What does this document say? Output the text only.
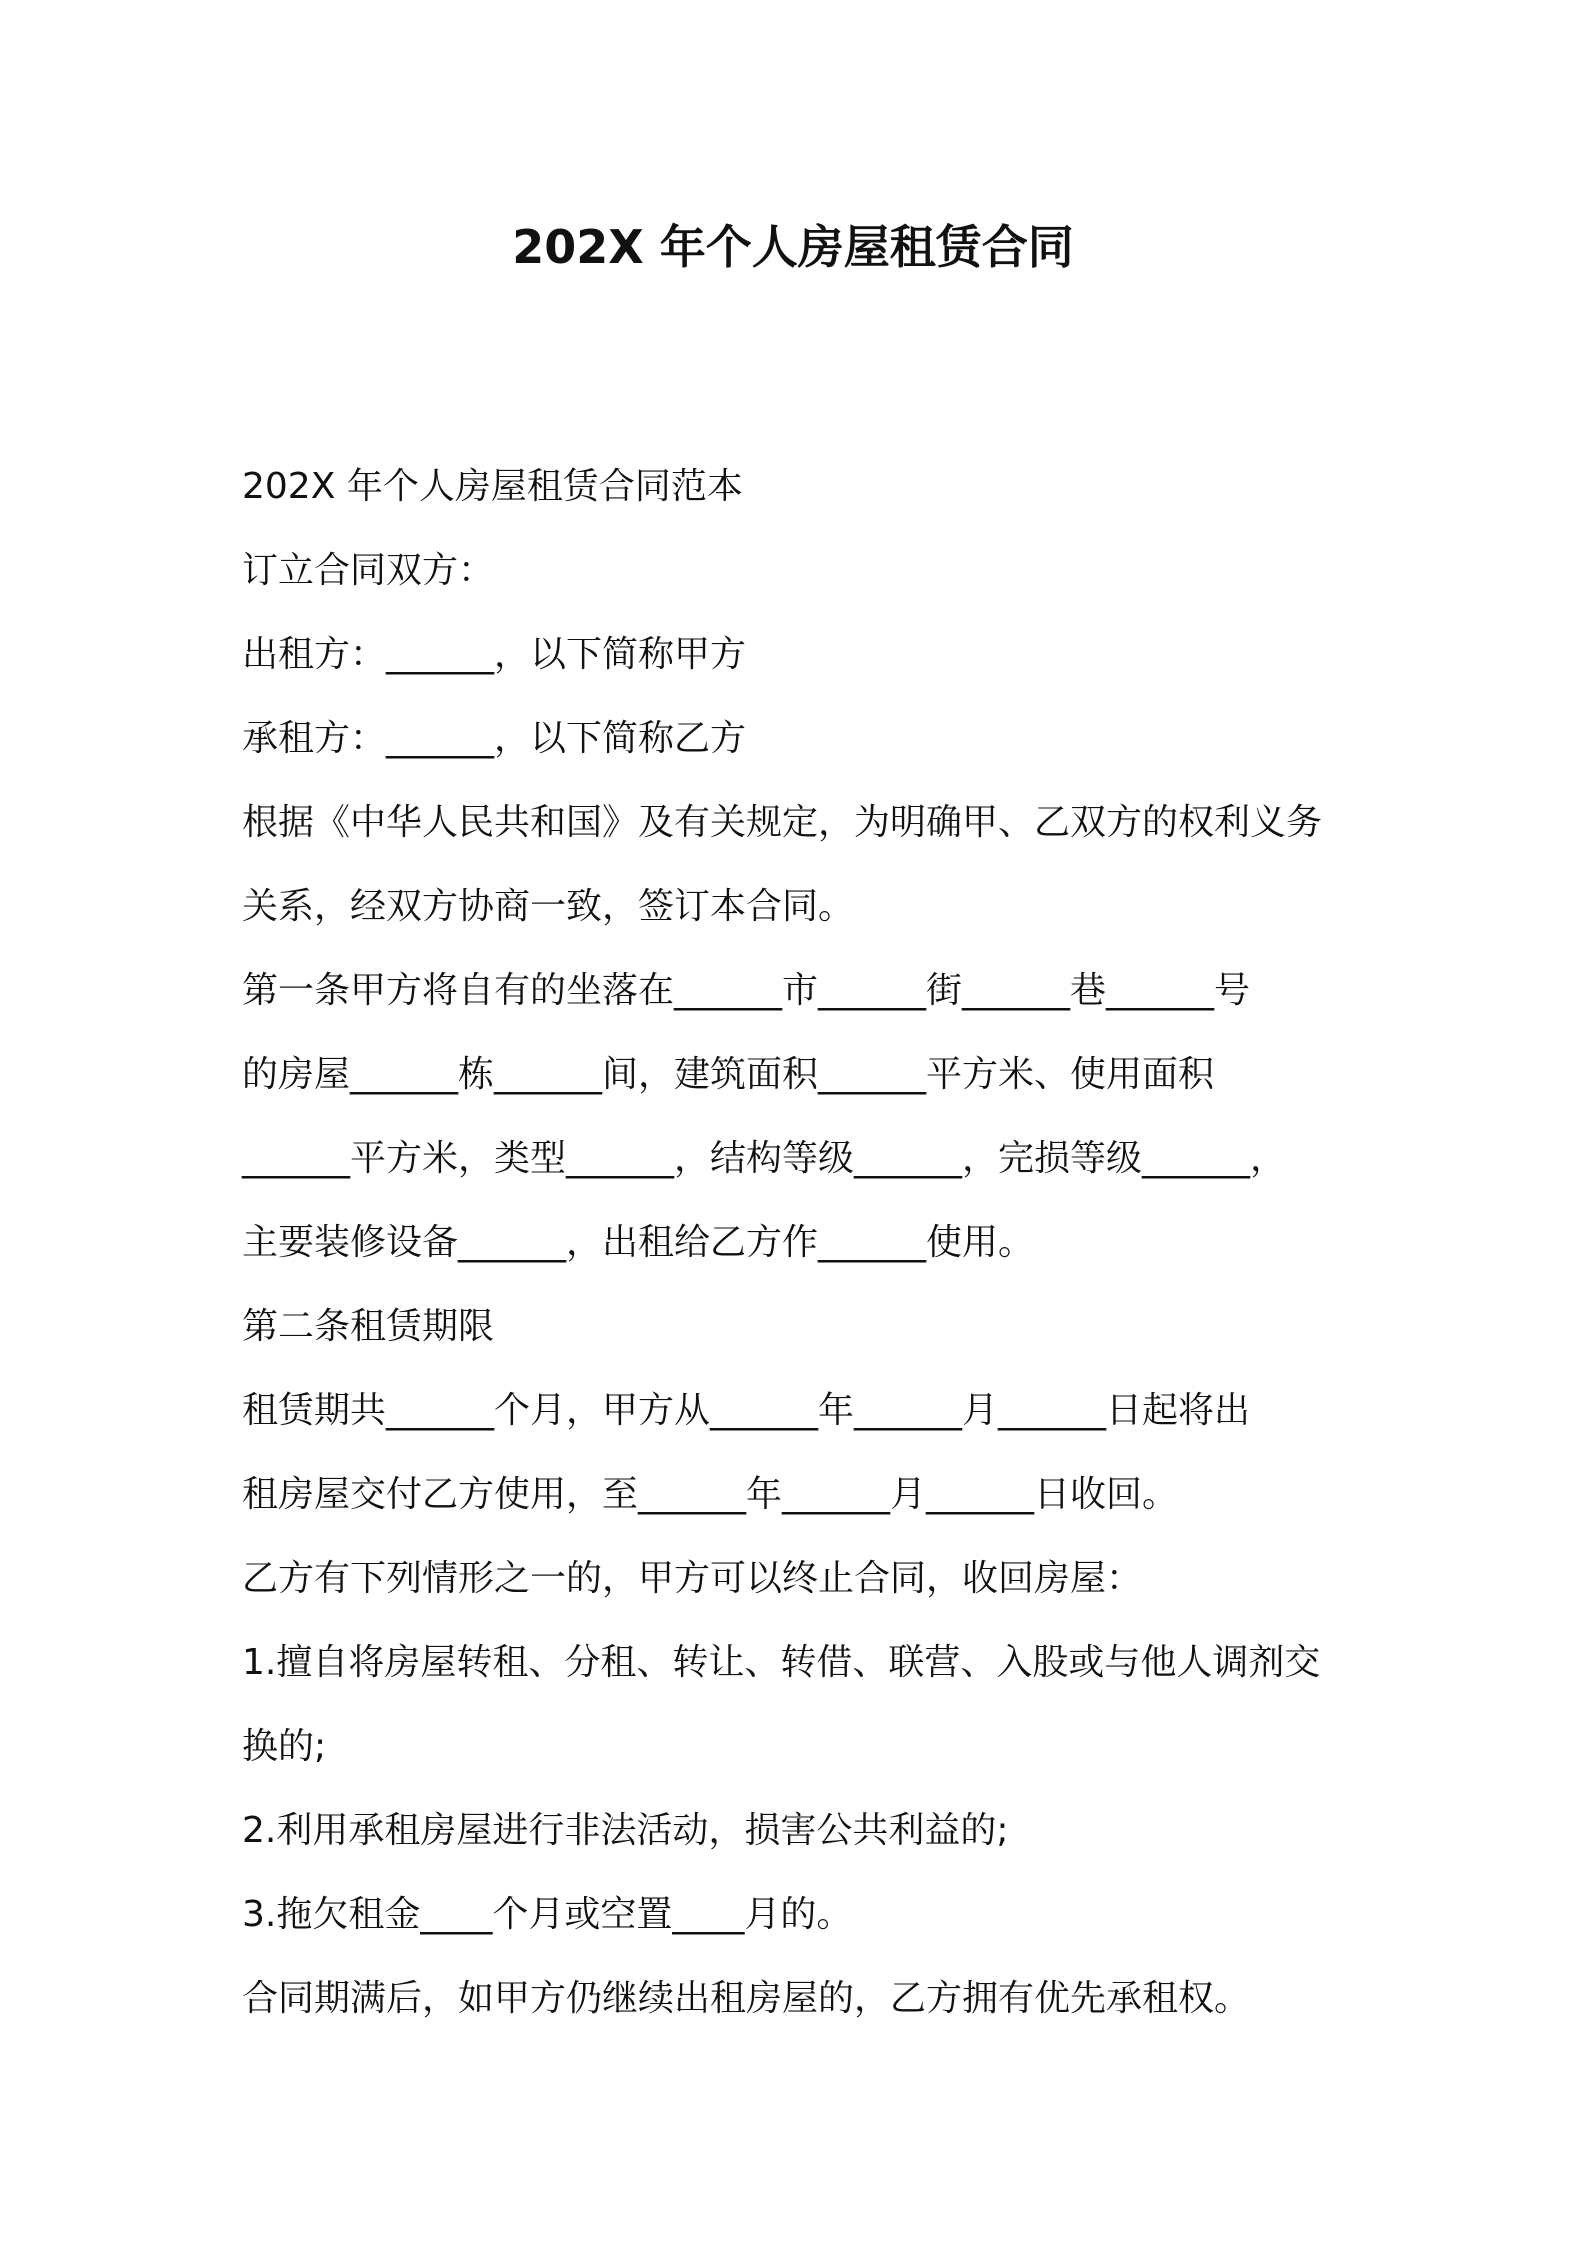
202X 年个人房屋租赁合同
202X 年个人房屋租赁合同范本
订立合同双方：
出租方：______，以下简称甲方
承租方：______，以下简称乙方
根据《中华人民共和国》及有关规定，为明确甲、乙双方的权利义务
关系，经双方协商一致，签订本合同。
第一条甲方将自有的坐落在______市______街______巷______号
的房屋______栋______间，建筑面积______平方米、使用面积
______平方米，类型______，结构等级______，完损等级______，
主要装修设备______，出租给乙方作______使用。
第二条租赁期限
租赁期共______个月，甲方从______年______月______日起将出
租房屋交付乙方使用，至______年______月______日收回。
乙方有下列情形之一的，甲方可以终止合同，收回房屋：
1.擅自将房屋转租、分租、转让、转借、联营、入股或与他人调剂交
换的;
2.利用承租房屋进行非法活动，损害公共利益的;
3.拖欠租金____个月或空置____月的。
合同期满后，如甲方仍继续出租房屋的，乙方拥有优先承租权。
